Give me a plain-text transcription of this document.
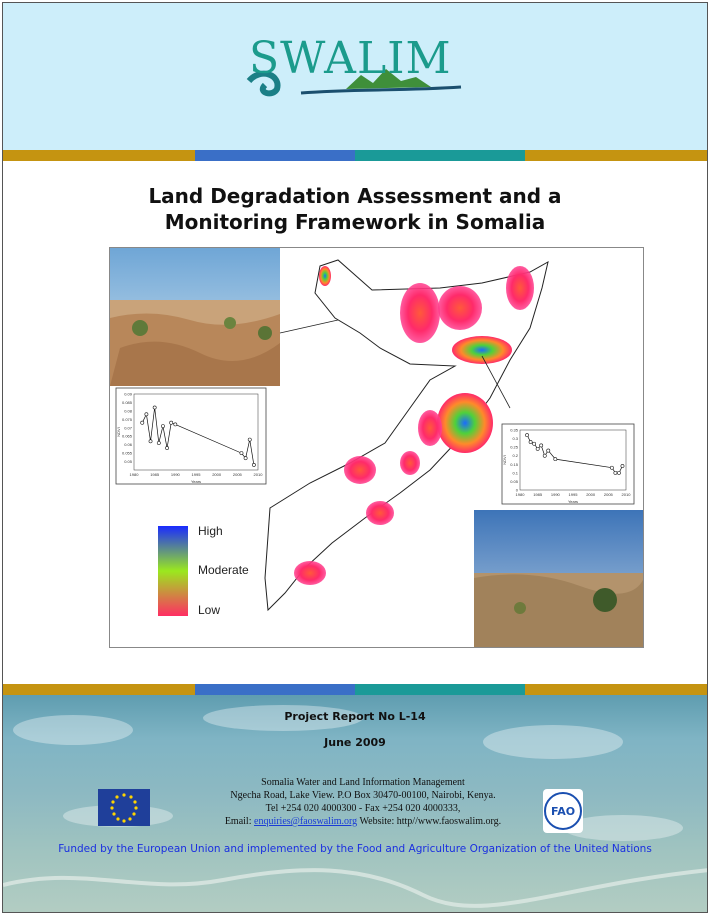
SWALIM
Land Degradation Assessment and a
Monitoring Framework in Somalia
1980	1985	1990	1995	2000	2005	2010
0.05
0.055
0.06
0.065
0.07
0.075
0.08
0.085
0.09
Years
NDVI
1980 1985 1990 1995 2000 2005 2010
0
0.05
0.1
0.15
0.2
0.25
0.3
0.35
Years
NDVI
High
Moderate
Low
Project Report No L-14
June 2009
Somalia Water and Land Information Management
Ngecha Road, Lake View. P.O Box 30470-00100, Nairobi, Kenya.
Tel +254 020 4000300 - Fax +254 020 4000333,
Email: enquiries@faoswalim.org Website: http//www.faoswalim.org.
FAO
Funded by the European Union and implemented by the Food and Agriculture Organization of the United Nations
